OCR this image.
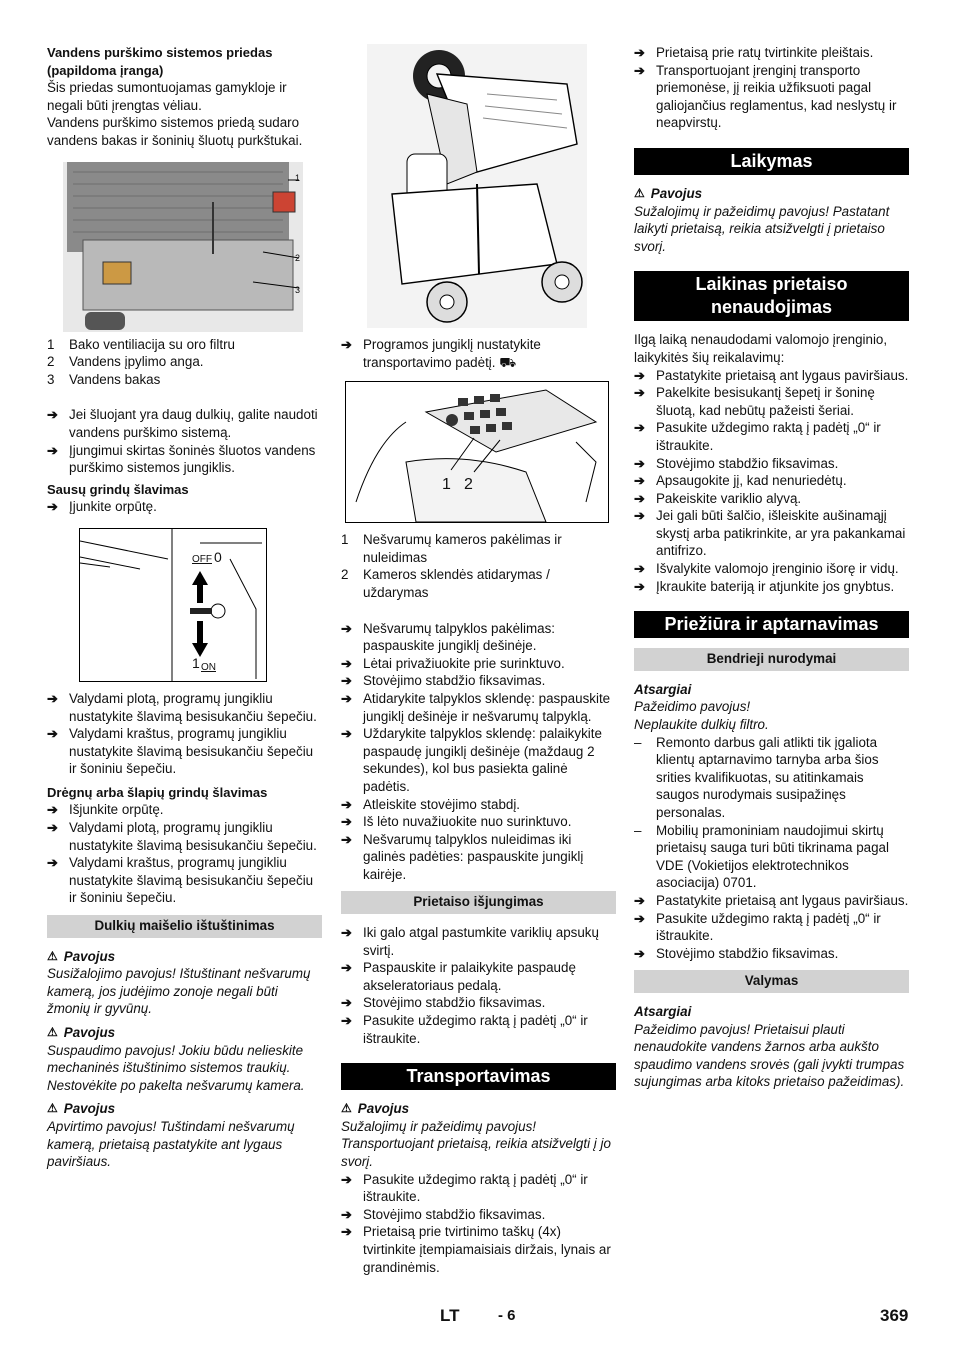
Vandens purškimo sistemos priedas (papildoma įranga)

Šis priedas sumontuojamas gamykloje ir negali būti įrengtas vėliau.

Vandens purškimo sistemos priedą sudaro vandens bakas ir šoninių šluotų purkštukai.

1
2
3
1	Bako ventiliacija su oro filtru
2	Vandens įpylimo anga.
3	Vandens bakas
➔ Jei šluojant yra daug dulkių, galite naudoti vandens purškimo sistemą.
➔ Įjungimui skirtas šoninės šluotos vandens purškimo sistemos jungiklis.

Sausų grindų šlavimas

➔ Įjunkite orpūtę.
OFF 0
1 ON
➔ Valydami plotą, programų jungikliu nustatykite šlavimą besisukančiu šepečiu.
➔ Valydami kraštus, programų jungikliu nustatykite šlavimą besisukančiu šepečiu ir šoniniu šepečiu.

Drėgnų arba šlapių grindų šlavimas

➔ Išjunkite orpūtę.
➔ Valydami plotą, programų jungikliu nustatykite šlavimą besisukančiu šepečiu.
➔ Valydami kraštus, programų jungikliu nustatykite šlavimą besisukančiu šepečiu ir šoniniu šepečiu.
Dulkių maišelio ištuštinimas
⚠ Pavojus

Susižalojimo pavojus! Ištuštinant nešvarumų kamerą, jos judėjimo zonoje negali būti žmonių ir gyvūnų.

⚠ Pavojus

Suspaudimo pavojus! Jokiu būdu nelieskite mechaninės ištuštinimo sistemos traukių. Nestovėkite po pakelta nešvarumų kamera.

⚠ Pavojus

Apvirtimo pavojus! Tuštindami nešvarumų kamerą, prietaisą pastatykite ant lygaus paviršiaus.

➔ Programos jungiklį nustatykite transportavimo padėtį. ⛟
1 2
1	Nešvarumų kameros pakėlimas ir nuleidimas
2	Kameros sklendės atidarymas / uždarymas
➔ Nešvarumų talpyklos pakėlimas: paspauskite jungiklį dešinėje.
➔ Lėtai privažiuokite prie surinktuvo.
➔ Stovėjimo stabdžio fiksavimas.
➔ Atidarykite talpyklos sklendę: paspauskite jungiklį dešinėje ir nešvarumų talpyklą.
➔ Uždarykite talpyklos sklendę: palaikykite paspaudę jungiklį dešinėje (maždaug 2 sekundes), kol bus pasiekta galinė padėtis.
➔ Atleiskite stovėjimo stabdį.
➔ Iš lėto nuvažiuokite nuo surinktuvo.
➔ Nešvarumų talpyklos nuleidimas iki galinės padėties: paspauskite jungiklį kairėje.
Prietaiso išjungimas
➔ Iki galo atgal pastumkite variklių apsukų svirtį.
➔ Paspauskite ir palaikykite paspaudę akseleratoriaus pedalą.
➔ Stovėjimo stabdžio fiksavimas.
➔ Pasukite uždegimo raktą į padėtį „0“ ir ištraukite.
Transportavimas
⚠ Pavojus

Sužalojimų ir pažeidimų pavojus! Transportuojant prietaisą, reikia atsižvelgti į jo svorį.

➔ Pasukite uždegimo raktą į padėtį „0“ ir ištraukite.
➔ Stovėjimo stabdžio fiksavimas.
➔ Prietaisą prie tvirtinimo taškų (4x) tvirtinkite įtempiamaisiais diržais, lynais ar grandinėmis.
➔ Prietaisą prie ratų tvirtinkite pleištais.
➔ Transportuojant įrenginį transporto priemonėse, jį reikia užfiksuoti pagal galiojančius reglamentus, kad neslystų ir neapvirstų.
Laikymas
⚠ Pavojus

Sužalojimų ir pažeidimų pavojus! Pastatant laikyti prietaisą, reikia atsižvelgti į prietaiso svorį.

Laikinas prietaiso nenaudojimas

Ilgą laiką nenaudodami valomojo įrenginio, laikykitės šių reikalavimų:

➔ Pastatykite prietaisą ant lygaus paviršiaus.
➔ Pakelkite besisukantį šepetį ir šoninę šluotą, kad nebūtų pažeisti šeriai.
➔ Pasukite uždegimo raktą į padėtį „0“ ir ištraukite.
➔ Stovėjimo stabdžio fiksavimas.
➔ Apsaugokite jį, kad nenuriedėtų.
➔ Pakeiskite variklio alyvą.
➔ Jei gali būti šalčio, išleiskite aušinamąjį skystį arba patikrinkite, ar yra pakankamai antifrizo.
➔ Išvalykite valomojo įrenginio išorę ir vidų.
➔ Įkraukite bateriją ir atjunkite jos gnybtus.
Priežiūra ir aptarnavimas
Bendrieji nurodymai

Atsargiai

Pažeidimo pavojus!

Neplaukite dulkių filtro.

–	Remonto darbus gali atlikti tik įgaliota klientų aptarnavimo tarnyba arba šios srities kvalifikuotas, su atitinkamais saugos nurodymais susipažinęs personalas.
–	Mobilių pramoniniam naudojimui skirtų prietaisų sauga turi būti tikrinama pagal VDE (Vokietijos elektrotechnikos asociacija) 0701.
➔ Pastatykite prietaisą ant lygaus paviršiaus.
➔ Pasukite uždegimo raktą į padėtį „0“ ir ištraukite.
➔ Stovėjimo stabdžio fiksavimas.
Valymas

Atsargiai

Pažeidimo pavojus! Prietaisui plauti nenaudokite vandens žarnos arba aukšto spaudimo vandens srovės (gali įvykti trumpas sujungimas arba kitoks prietaiso pažeidimas).

LT	- 6	369
